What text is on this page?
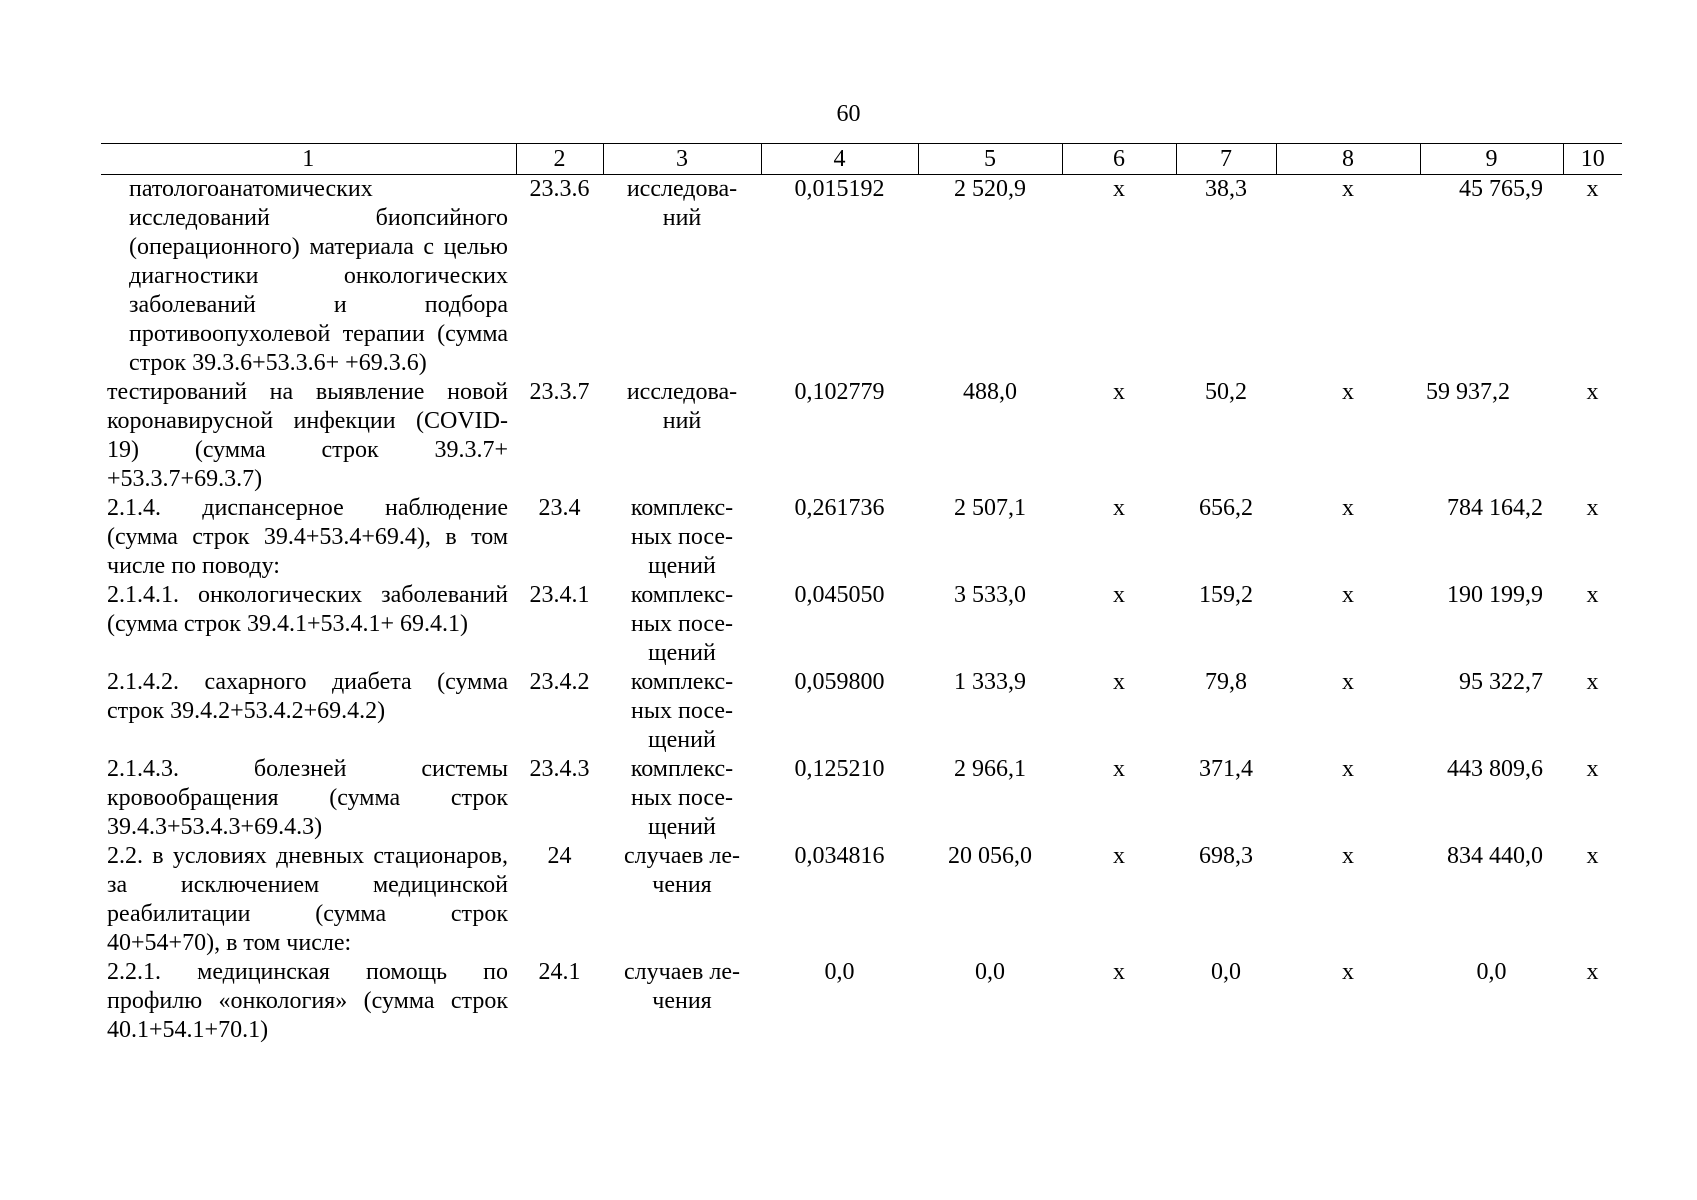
60
1	2	3	4	5	6	7	8	9	10
патологоанатомических исследований биопсийного (операционного) материала с целью диагностики онкологических заболеваний и подбора противоопухолевой терапии (сумма строк 39.3.6+53.3.6+ +69.3.6)	23.3.6	исследова-
ний	0,015192	2 520,9	х	38,3	х	45 765,9	х
тестирований на выявление новой коронавирусной инфекции (COVID-19) (сумма строк 39.3.7+ +53.3.7+69.3.7)	23.3.7	исследова-
ний	0,102779	488,0	х	50,2	х	59 937,2	х
2.1.4. диспансерное наблюдение (сумма строк 39.4+53.4+69.4), в том числе по поводу:	23.4	комплекс-
ных посе-
щений	0,261736	2 507,1	х	656,2	х	784 164,2	х
2.1.4.1. онкологических заболеваний (сумма строк 39.4.1+53.4.1+ 69.4.1)	23.4.1	комплекс-
ных посе-
щений	0,045050	3 533,0	х	159,2	х	190 199,9	х
2.1.4.2. сахарного диабета (сумма строк 39.4.2+53.4.2+69.4.2)	23.4.2	комплекс-
ных посе-
щений	0,059800	1 333,9	х	79,8	х	95 322,7	х
2.1.4.3. болезней системы кровообращения (сумма строк 39.4.3+53.4.3+69.4.3)	23.4.3	комплекс-
ных посе-
щений	0,125210	2 966,1	х	371,4	х	443 809,6	х
2.2. в условиях дневных стационаров, за исключением медицинской реабилитации (сумма строк 40+54+70), в том числе:	24	случаев ле-
чения	0,034816	20 056,0	х	698,3	х	834 440,0	х
2.2.1. медицинская помощь по профилю «онкология» (сумма строк 40.1+54.1+70.1)	24.1	случаев ле-
чения	0,0	0,0	х	0,0	х	0,0	х
